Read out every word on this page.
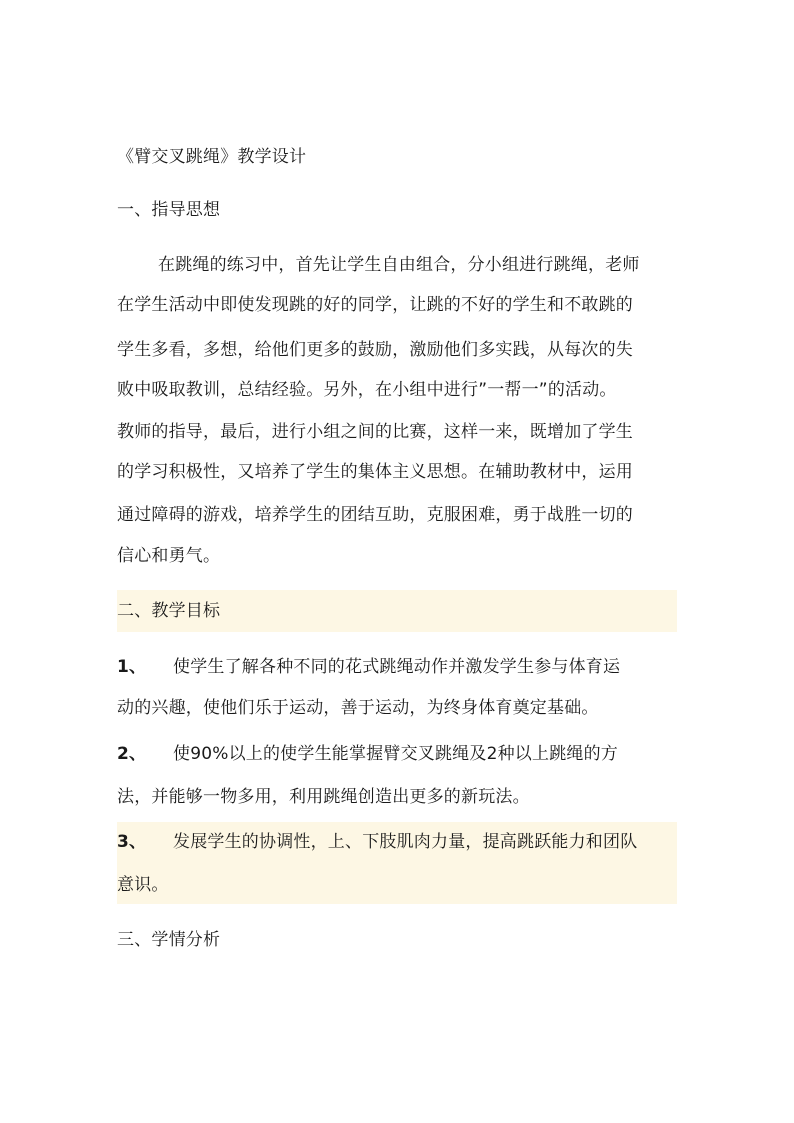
《臂交叉跳绳》教学设计
一、指导思想
在跳绳的练习中，首先让学生自由组合，分小组进行跳绳，老师
在学生活动中即使发现跳的好的同学，让跳的不好的学生和不敢跳的
学生多看，多想，给他们更多的鼓励，激励他们多实践，从每次的失
败中吸取教训，总结经验。另外，在小组中进行”一帮一”的活动。
教师的指导，最后，进行小组之间的比赛，这样一来，既增加了学生
的学习积极性，又培养了学生的集体主义思想。在辅助教材中，运用
通过障碍的游戏，培养学生的团结互助，克服困难，勇于战胜一切的
信心和勇气。
二、教学目标
1、 使学生了解各种不同的花式跳绳动作并激发学生参与体育运
动的兴趣，使他们乐于运动，善于运动，为终身体育奠定基础。
2、 使90%以上的使学生能掌握臂交叉跳绳及2种以上跳绳的方
法，并能够一物多用，利用跳绳创造出更多的新玩法。
3、 发展学生的协调性，上、下肢肌肉力量，提高跳跃能力和团队
意识。
三、学情分析
